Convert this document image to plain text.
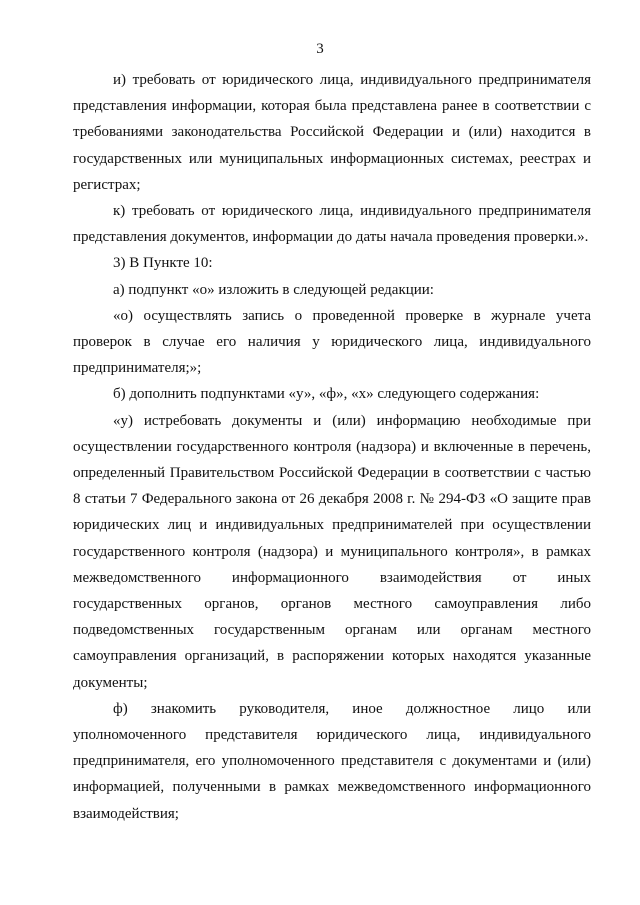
3

и) требовать от юридического лица, индивидуального предпринимателя представления информации, которая была представлена ранее в соответствии с требованиями законодательства Российской Федерации и (или) находится в государственных или муниципальных информационных системах, реестрах и регистрах;

к) требовать от юридического лица, индивидуального предпринимателя представления документов, информации до даты начала проведения проверки.».

3) В Пункте 10:

а) подпункт «о» изложить в следующей редакции:

«о) осуществлять запись о проведенной проверке в журнале учета проверок в случае его наличия у юридического лица, индивидуального предпринимателя;»;

б) дополнить подпунктами «у», «ф», «х» следующего содержания:

«у) истребовать документы и (или) информацию необходимые при осуществлении государственного контроля (надзора) и включенные в перечень, определенный Правительством Российской Федерации в соответствии с частью 8 статьи 7 Федерального закона от 26 декабря 2008 г. № 294-ФЗ «О защите прав юридических лиц и индивидуальных предпринимателей при осуществлении государственного контроля (надзора) и муниципального контроля», в рамках межведомственного информационного взаимодействия от иных государственных органов, органов местного самоуправления либо подведомственных государственным органам или органам местного самоуправления организаций, в распоряжении которых находятся указанные документы;

ф) знакомить руководителя, иное должностное лицо или уполномоченного представителя юридического лица, индивидуального предпринимателя, его уполномоченного представителя с документами и (или) информацией, полученными в рамках межведомственного информационного взаимодействия;
